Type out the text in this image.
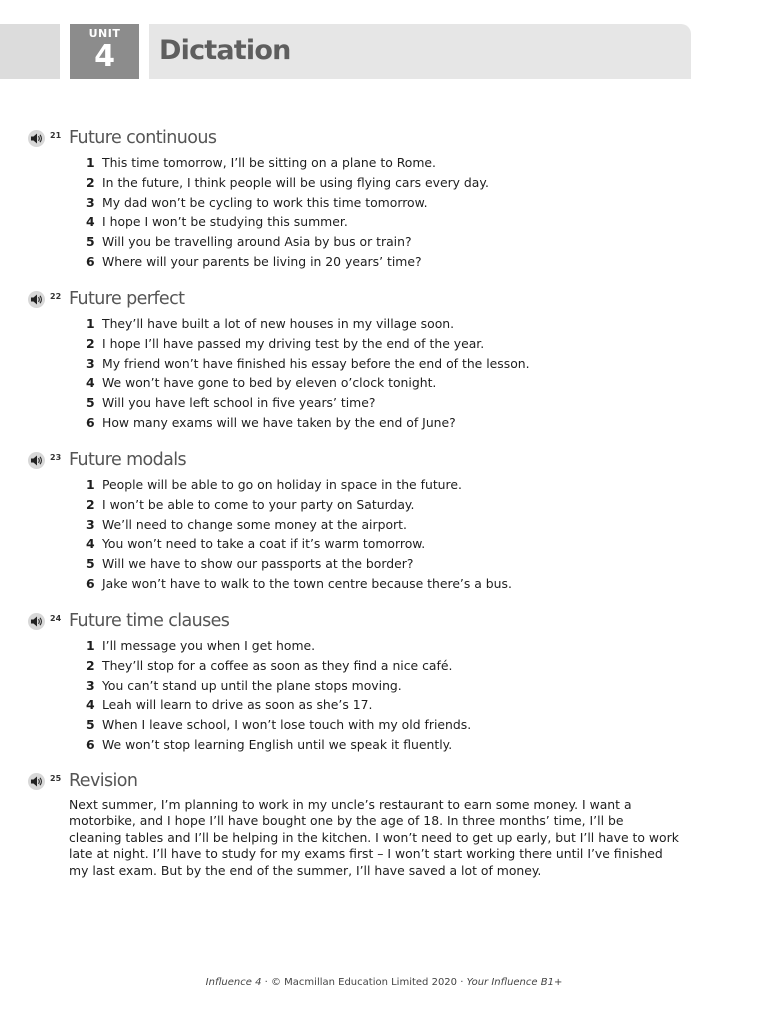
UNIT
4	Dictation
21 Future continuous
1 This time tomorrow, I’ll be sitting on a plane to Rome.
2 In the future, I think people will be using flying cars every day.
3 My dad won’t be cycling to work this time tomorrow.
4 I hope I won’t be studying this summer.
5 Will you be travelling around Asia by bus or train?
6 Where will your parents be living in 20 years’ time?
22 Future perfect
1 They’ll have built a lot of new houses in my village soon.
2 I hope I’ll have passed my driving test by the end of the year.
3 My friend won’t have finished his essay before the end of the lesson.
4 We won’t have gone to bed by eleven o’clock tonight.
5 Will you have left school in five years’ time?
6 How many exams will we have taken by the end of June?
23 Future modals
1 People will be able to go on holiday in space in the future.
2 I won’t be able to come to your party on Saturday.
3 We’ll need to change some money at the airport.
4 You won’t need to take a coat if it’s warm tomorrow.
5 Will we have to show our passports at the border?
6 Jake won’t have to walk to the town centre because there’s a bus.
24 Future time clauses
1 I’ll message you when I get home.
2 They’ll stop for a coffee as soon as they find a nice café.
3 You can’t stand up until the plane stops moving.
4 Leah will learn to drive as soon as she’s 17.
5 When I leave school, I won’t lose touch with my old friends.
6 We won’t stop learning English until we speak it fluently.
25 Revision

Next summer, I’m planning to work in my uncle’s restaurant to earn some money. I want a motorbike, and I hope I’ll have bought one by the age of 18. In three months’ time, I’ll be cleaning tables and I’ll be helping in the kitchen. I won’t need to get up early, but I’ll have to work late at night. I’ll have to study for my exams first – I won’t start working there until I’ve finished my last exam. But by the end of the summer, I’ll have saved a lot of money.

Influence 4 · © Macmillan Education Limited 2020 · Your Influence B1+
